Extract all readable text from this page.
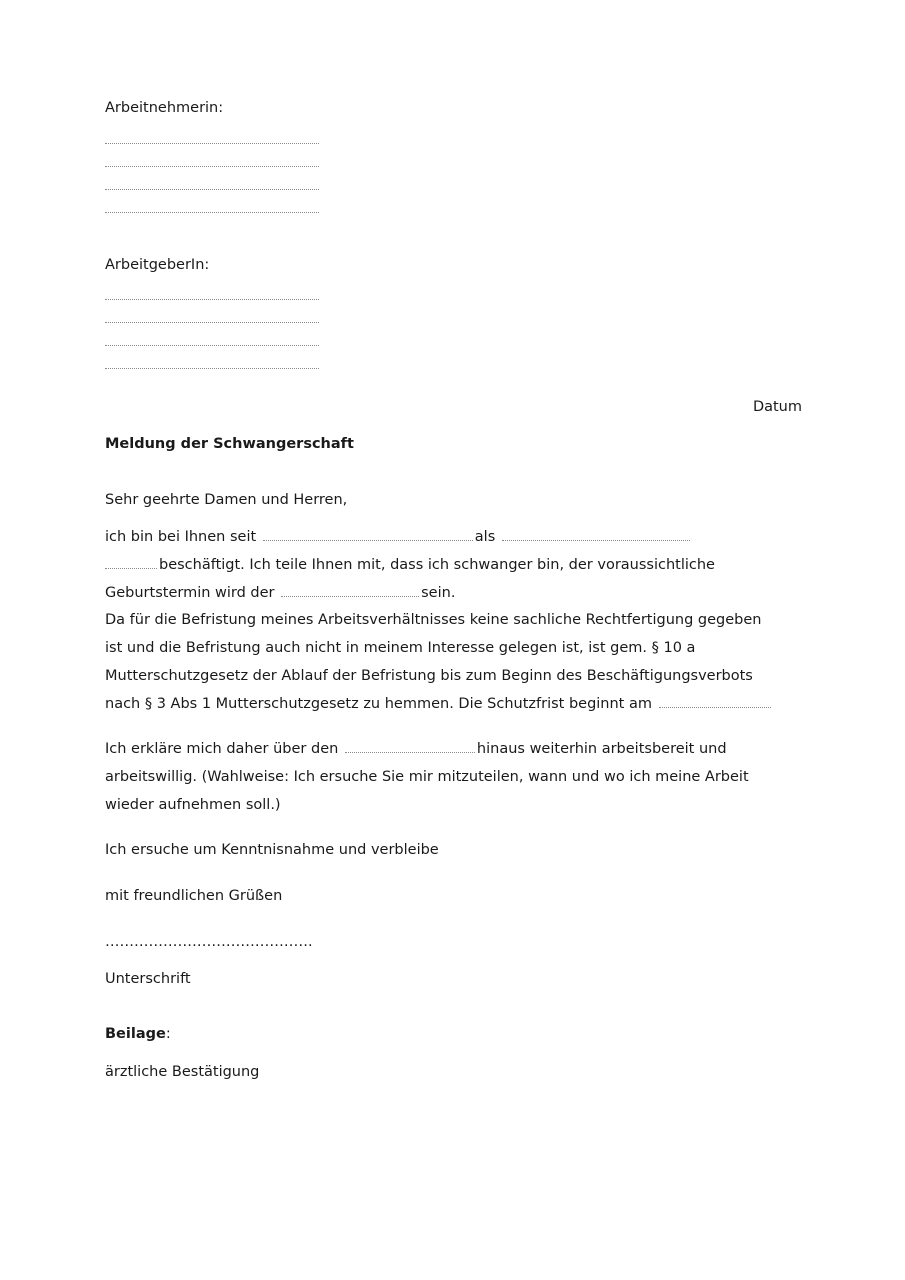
Arbeitnehmerin:
ArbeitgeberIn:
Datum
Meldung der Schwangerschaft
Sehr geehrte Damen und Herren,
ich bin bei Ihnen seit	als
beschäftigt. Ich teile Ihnen mit, dass ich schwanger bin, der voraussichtliche
Geburtstermin wird der	sein.
Da für die Befristung meines Arbeitsverhältnisses keine sachliche Rechtfertigung gegeben
ist und die Befristung auch nicht in meinem Interesse gelegen ist, ist gem. § 10 a
Mutterschutzgesetz der Ablauf der Befristung bis zum Beginn des Beschäftigungsverbots
nach § 3 Abs 1 Mutterschutzgesetz zu hemmen. Die Schutzfrist beginnt am
Ich erkläre mich daher über den	hinaus weiterhin arbeitsbereit und
arbeitswillig. (Wahlweise: Ich ersuche Sie mir mitzuteilen, wann und wo ich meine Arbeit
wieder aufnehmen soll.)
Ich ersuche um Kenntnisnahme und verbleibe
mit freundlichen Grüßen
…………………………………….
Unterschrift
Beilage:
ärztliche Bestätigung
